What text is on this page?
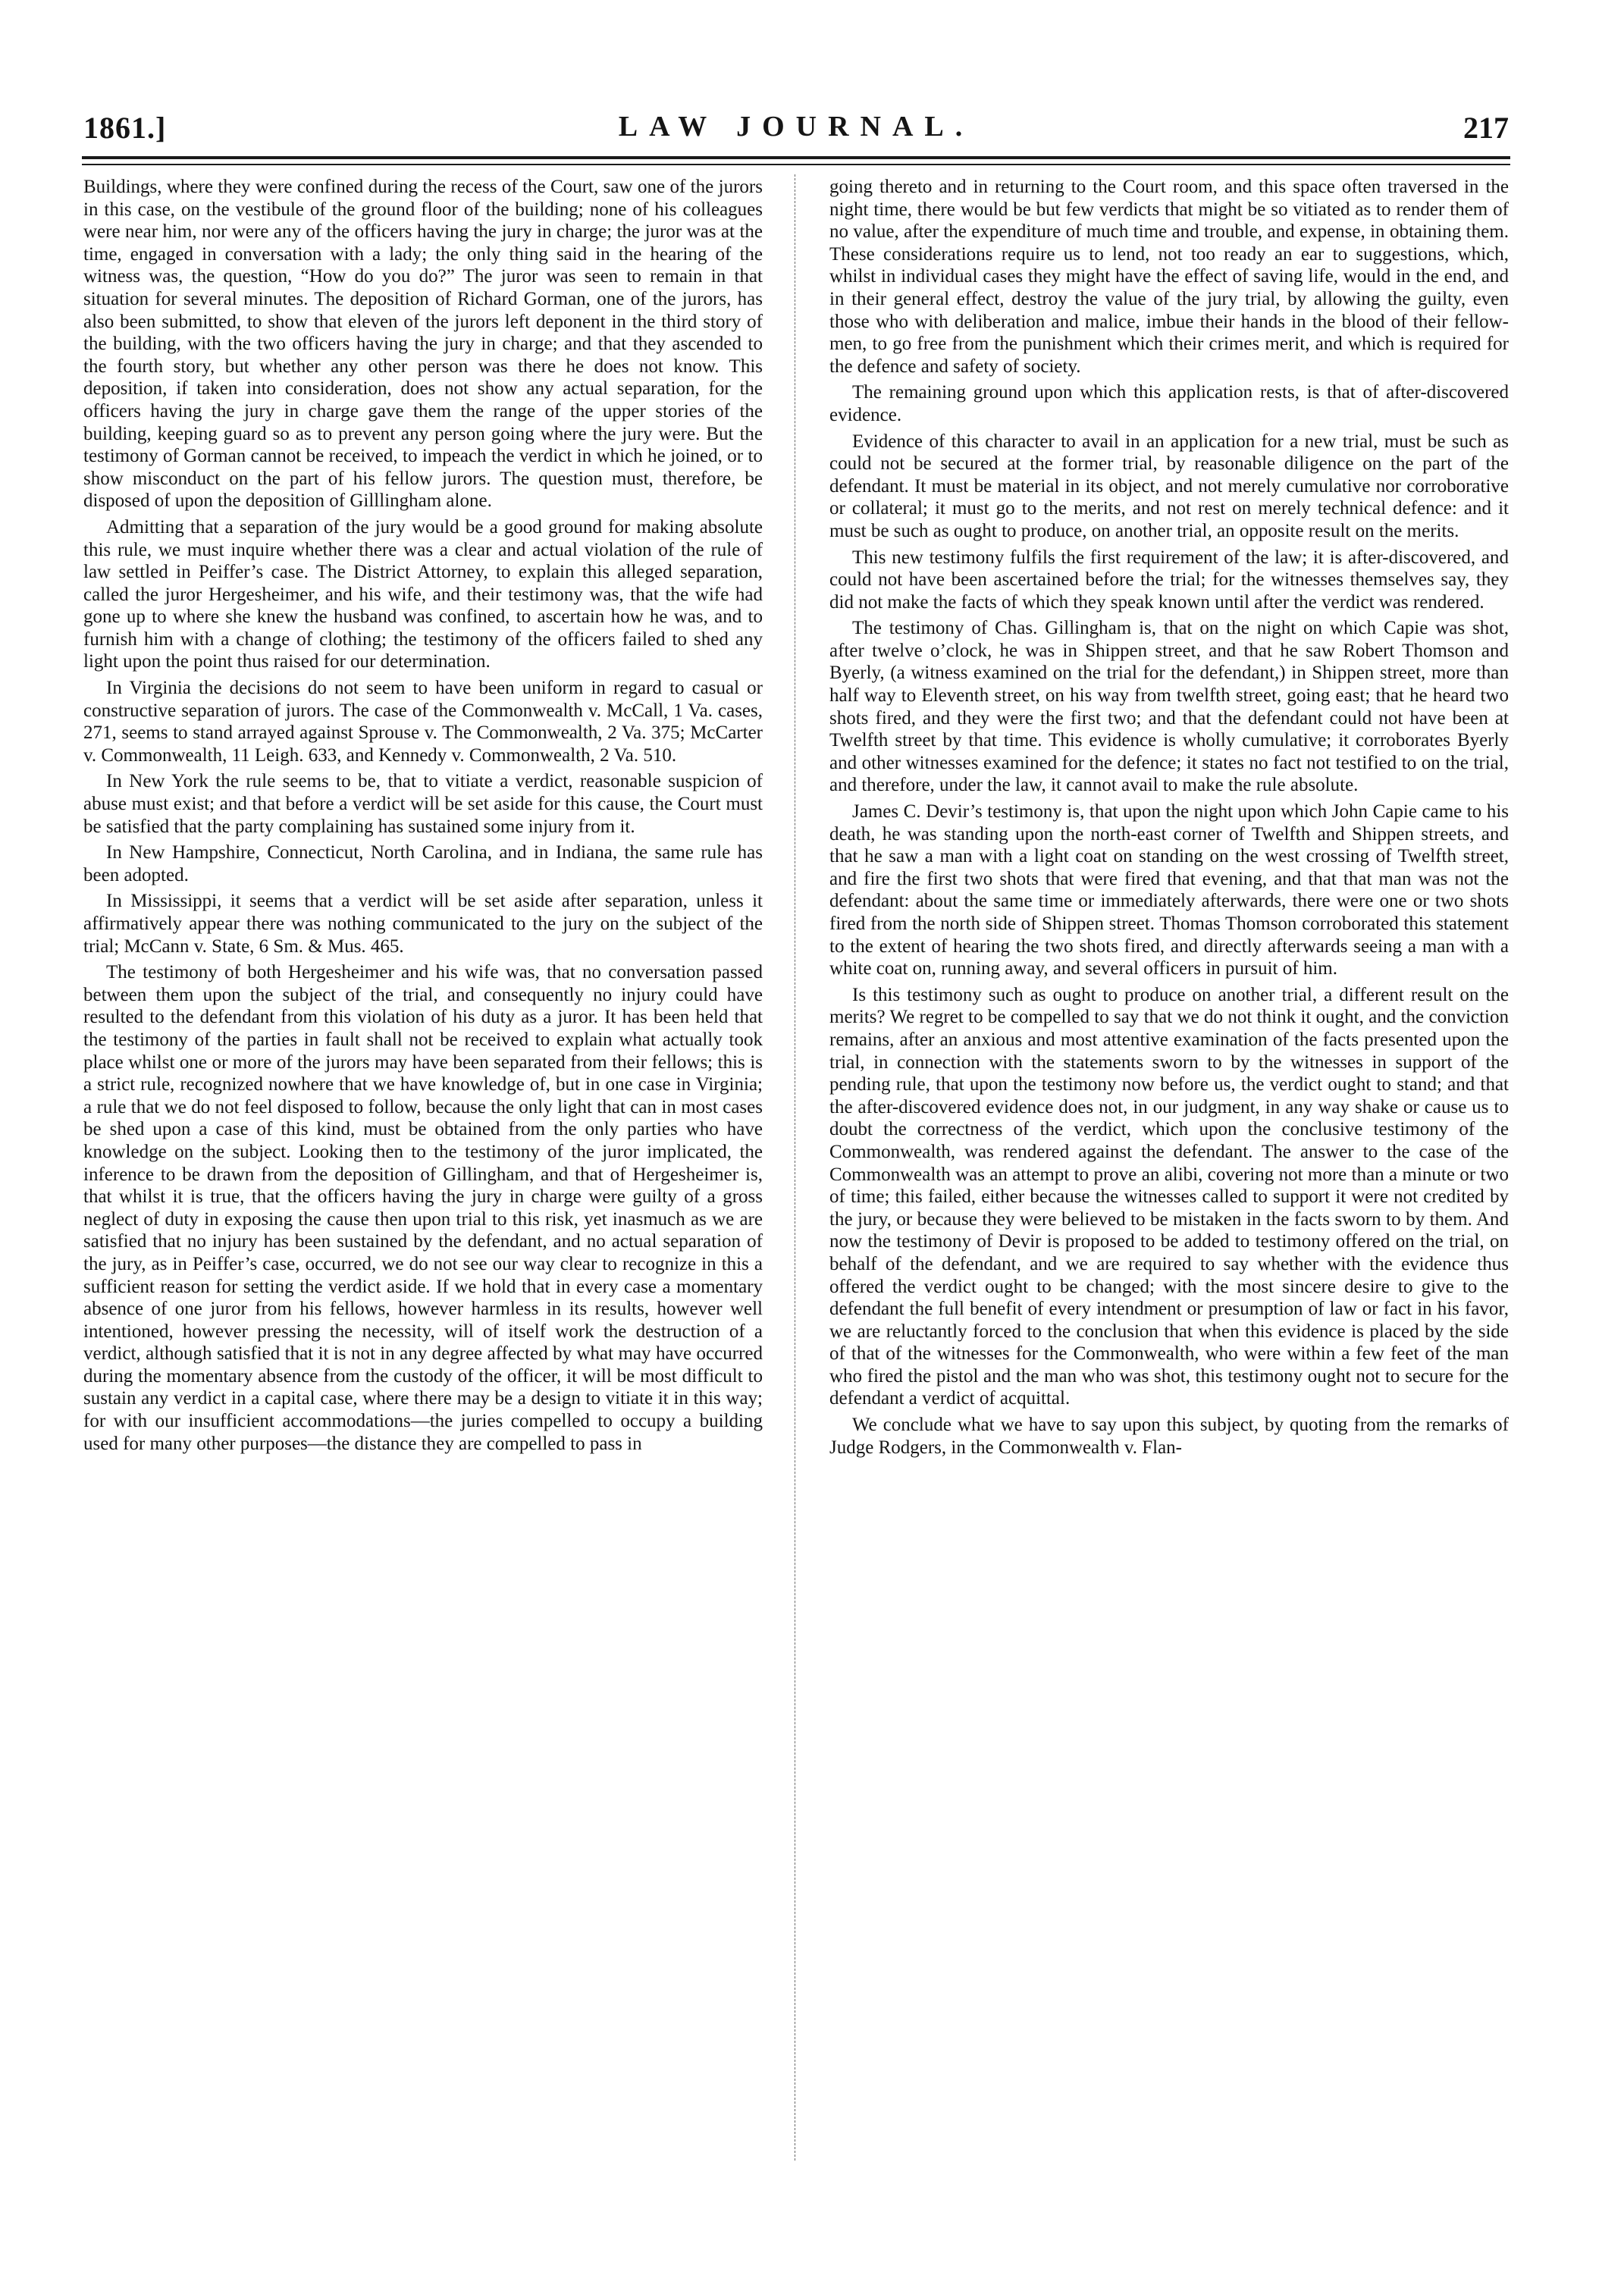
1861.]	LAW JOURNAL.	217

Buildings, where they were confined during the recess of the Court, saw one of the jurors in this case, on the vestibule of the ground floor of the building; none of his colleagues were near him, nor were any of the officers having the jury in charge; the juror was at the time, engaged in conversation with a lady; the only thing said in the hearing of the witness was, the question, “How do you do?” The juror was seen to remain in that situation for several minutes. The deposition of Richard Gorman, one of the jurors, has also been submitted, to show that eleven of the jurors left deponent in the third story of the building, with the two officers having the jury in charge; and that they ascended to the fourth story, but whether any other person was there he does not know. This deposition, if taken into consideration, does not show any actual separation, for the officers having the jury in charge gave them the range of the upper stories of the building, keeping guard so as to prevent any person going where the jury were. But the testimony of Gorman cannot be received, to impeach the verdict in which he joined, or to show misconduct on the part of his fellow jurors. The question must, therefore, be disposed of upon the deposition of Gilllingham alone.

Admitting that a separation of the jury would be a good ground for making absolute this rule, we must inquire whether there was a clear and actual violation of the rule of law settled in Peiffer’s case. The District Attorney, to explain this alleged separation, called the juror Hergesheimer, and his wife, and their testimony was, that the wife had gone up to where she knew the husband was confined, to ascertain how he was, and to furnish him with a change of clothing; the testimony of the officers failed to shed any light upon the point thus raised for our determination.

In Virginia the decisions do not seem to have been uniform in regard to casual or constructive separation of jurors. The case of the Commonwealth v. McCall, 1 Va. cases, 271, seems to stand arrayed against Sprouse v. The Commonwealth, 2 Va. 375; McCarter v. Commonwealth, 11 Leigh. 633, and Kennedy v. Commonwealth, 2 Va. 510.

In New York the rule seems to be, that to vitiate a verdict, reasonable suspicion of abuse must exist; and that before a verdict will be set aside for this cause, the Court must be satisfied that the party complaining has sustained some injury from it.

In New Hampshire, Connecticut, North Carolina, and in Indiana, the same rule has been adopted.

In Mississippi, it seems that a verdict will be set aside after separation, unless it affirmatively appear there was nothing communicated to the jury on the subject of the trial; McCann v. State, 6 Sm. & Mus. 465.

The testimony of both Hergesheimer and his wife was, that no conversation passed between them upon the subject of the trial, and consequently no injury could have resulted to the defendant from this violation of his duty as a juror. It has been held that the testimony of the parties in fault shall not be received to explain what actually took place whilst one or more of the jurors may have been separated from their fellows; this is a strict rule, recognized nowhere that we have knowledge of, but in one case in Virginia; a rule that we do not feel disposed to follow, because the only light that can in most cases be shed upon a case of this kind, must be obtained from the only parties who have knowledge on the subject. Looking then to the testimony of the juror implicated, the inference to be drawn from the deposition of Gillingham, and that of Hergesheimer is, that whilst it is true, that the officers having the jury in charge were guilty of a gross neglect of duty in exposing the cause then upon trial to this risk, yet inasmuch as we are satisfied that no injury has been sustained by the defendant, and no actual separation of the jury, as in Peiffer’s case, occurred, we do not see our way clear to recognize in this a sufficient reason for setting the verdict aside. If we hold that in every case a momentary absence of one juror from his fellows, however harmless in its results, however well intentioned, however pressing the necessity, will of itself work the destruction of a verdict, although satisfied that it is not in any degree affected by what may have occurred during the momentary absence from the custody of the officer, it will be most difficult to sustain any verdict in a capital case, where there may be a design to vitiate it in this way; for with our insufficient accommodations—the juries compelled to occupy a building used for many other purposes—the distance they are compelled to pass in

going thereto and in returning to the Court room, and this space often traversed in the night time, there would be but few verdicts that might be so vitiated as to render them of no value, after the expenditure of much time and trouble, and expense, in obtaining them. These considerations require us to lend, not too ready an ear to suggestions, which, whilst in individual cases they might have the effect of saving life, would in the end, and in their general effect, destroy the value of the jury trial, by allowing the guilty, even those who with deliberation and malice, imbue their hands in the blood of their fellow-men, to go free from the punishment which their crimes merit, and which is required for the defence and safety of society.

The remaining ground upon which this application rests, is that of after-discovered evidence.

Evidence of this character to avail in an application for a new trial, must be such as could not be secured at the former trial, by reasonable diligence on the part of the defendant. It must be material in its object, and not merely cumulative nor corroborative or collateral; it must go to the merits, and not rest on merely technical defence: and it must be such as ought to produce, on another trial, an opposite result on the merits.

This new testimony fulfils the first requirement of the law; it is after-discovered, and could not have been ascertained before the trial; for the witnesses themselves say, they did not make the facts of which they speak known until after the verdict was rendered.

The testimony of Chas. Gillingham is, that on the night on which Capie was shot, after twelve o’clock, he was in Shippen street, and that he saw Robert Thomson and Byerly, (a witness examined on the trial for the defendant,) in Shippen street, more than half way to Eleventh street, on his way from twelfth street, going east; that he heard two shots fired, and they were the first two; and that the defendant could not have been at Twelfth street by that time. This evidence is wholly cumulative; it corroborates Byerly and other witnesses examined for the defence; it states no fact not testified to on the trial, and therefore, under the law, it cannot avail to make the rule absolute.

James C. Devir’s testimony is, that upon the night upon which John Capie came to his death, he was standing upon the north-east corner of Twelfth and Shippen streets, and that he saw a man with a light coat on standing on the west crossing of Twelfth street, and fire the first two shots that were fired that evening, and that that man was not the defendant: about the same time or immediately afterwards, there were one or two shots fired from the north side of Shippen street. Thomas Thomson corroborated this statement to the extent of hearing the two shots fired, and directly afterwards seeing a man with a white coat on, running away, and several officers in pursuit of him.

Is this testimony such as ought to produce on another trial, a different result on the merits? We regret to be compelled to say that we do not think it ought, and the conviction remains, after an anxious and most attentive examination of the facts presented upon the trial, in connection with the statements sworn to by the witnesses in support of the pending rule, that upon the testimony now before us, the verdict ought to stand; and that the after-discovered evidence does not, in our judgment, in any way shake or cause us to doubt the correctness of the verdict, which upon the conclusive testimony of the Commonwealth, was rendered against the defendant. The answer to the case of the Commonwealth was an attempt to prove an alibi, covering not more than a minute or two of time; this failed, either because the witnesses called to support it were not credited by the jury, or because they were believed to be mistaken in the facts sworn to by them. And now the testimony of Devir is proposed to be added to testimony offered on the trial, on behalf of the defendant, and we are required to say whether with the evidence thus offered the verdict ought to be changed; with the most sincere desire to give to the defendant the full benefit of every intendment or presumption of law or fact in his favor, we are reluctantly forced to the conclusion that when this evidence is placed by the side of that of the witnesses for the Commonwealth, who were within a few feet of the man who fired the pistol and the man who was shot, this testimony ought not to secure for the defendant a verdict of acquittal.

We conclude what we have to say upon this subject, by quoting from the remarks of Judge Rodgers, in the Commonwealth v. Flan-
